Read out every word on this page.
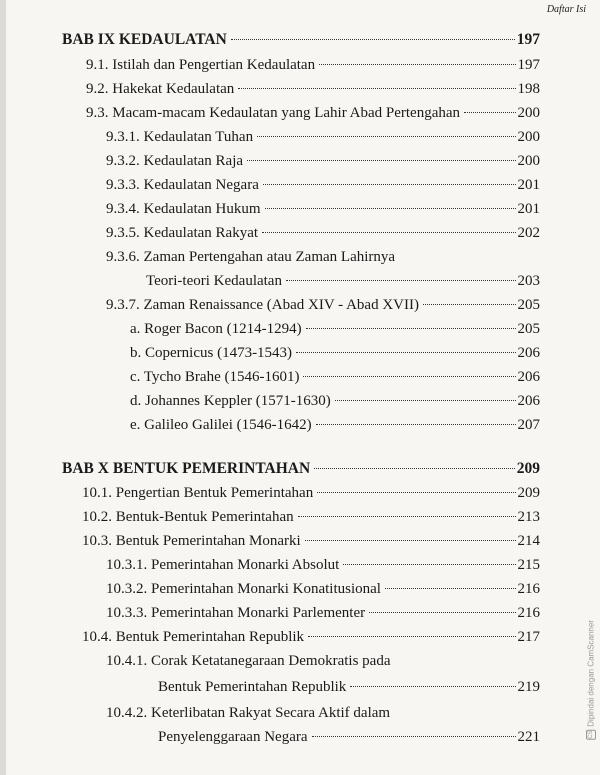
Daftar Isi
BAB IX KEDAULATAN	197
9.1. Istilah dan Pengertian Kedaulatan	197
9.2. Hakekat Kedaulatan	198
9.3. Macam-macam Kedaulatan yang Lahir Abad Pertengahan	200
9.3.1. Kedaulatan Tuhan	200
9.3.2. Kedaulatan Raja	200
9.3.3. Kedaulatan Negara	201
9.3.4. Kedaulatan Hukum	201
9.3.5. Kedaulatan Rakyat	202
9.3.6. Zaman Pertengahan atau Zaman Lahirnya
Teori-teori Kedaulatan	203
9.3.7. Zaman Renaissance (Abad XIV - Abad XVII)	205
a. Roger Bacon (1214-1294)	205
b. Copernicus (1473-1543)	206
c. Tycho Brahe (1546-1601)	206
d. Johannes Keppler (1571-1630)	206
e. Galileo Galilei (1546-1642)	207
BAB X BENTUK PEMERINTAHAN	209
10.1. Pengertian Bentuk Pemerintahan	209
10.2. Bentuk-Bentuk Pemerintahan	213
10.3. Bentuk Pemerintahan Monarki	214
10.3.1. Pemerintahan Monarki Absolut	215
10.3.2. Pemerintahan Monarki Konatitusional	216
10.3.3. Pemerintahan Monarki Parlementer	216
10.4. Bentuk Pemerintahan Republik	217
10.4.1. Corak Ketatanegaraan Demokratis pada
Bentuk Pemerintahan Republik	219
10.4.2. Keterlibatan Rakyat Secara Aktif dalam
Penyelenggaraan Negara	221	CS
Dipindai dengan CamScanner
